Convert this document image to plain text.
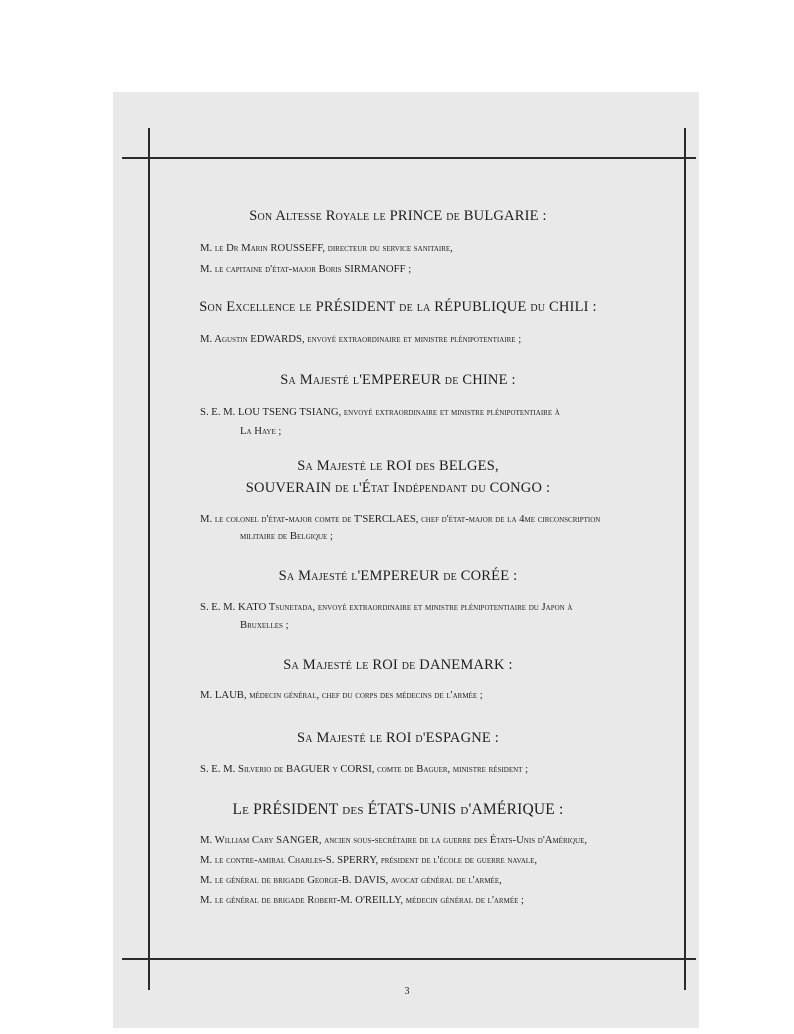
Son Altesse Royale le PRINCE de BULGARIE :
M. le Dr Marin ROUSSEFF, directeur du service sanitaire,
M. le capitaine d'état-major Boris SIRMANOFF ;
Son Excellence le PRÉSIDENT de la RÉPUBLIQUE du CHILI :
M. Agustin EDWARDS, envoyé extraordinaire et ministre plénipotentiaire ;
Sa Majesté l'EMPEREUR de CHINE :
S. E. M. LOU TSENG TSIANG, envoyé extraordinaire et ministre plénipotentiaire à
La Haye ;
Sa Majesté le ROI des BELGES,
SOUVERAIN de l'État Indépendant du CONGO :
M. le colonel d'état-major comte de T'SERCLAES, chef d'état-major de la 4me circonscription
militaire de Belgique ;
Sa Majesté l'EMPEREUR de CORÉE :
S. E. M. KATO Tsunetada, envoyé extraordinaire et ministre plénipotentiaire du Japon à
Bruxelles ;
Sa Majesté le ROI de DANEMARK :
M. LAUB, médecin général, chef du corps des médecins de l'armée ;
Sa Majesté le ROI d'ESPAGNE :
S. E. M. Silverio de BAGUER y CORSI, comte de Baguer, ministre résident ;
Le PRÉSIDENT des ÉTATS-UNIS d'AMÉRIQUE :
M. William Cary SANGER, ancien sous-secrétaire de la guerre des États-Unis d'Amérique,
M. le contre-amiral Charles-S. SPERRY, président de l'école de guerre navale,
M. le général de brigade George-B. DAVIS, avocat général de l'armée,
M. le général de brigade Robert-M. O'REILLY, médecin général de l'armée ;
3
